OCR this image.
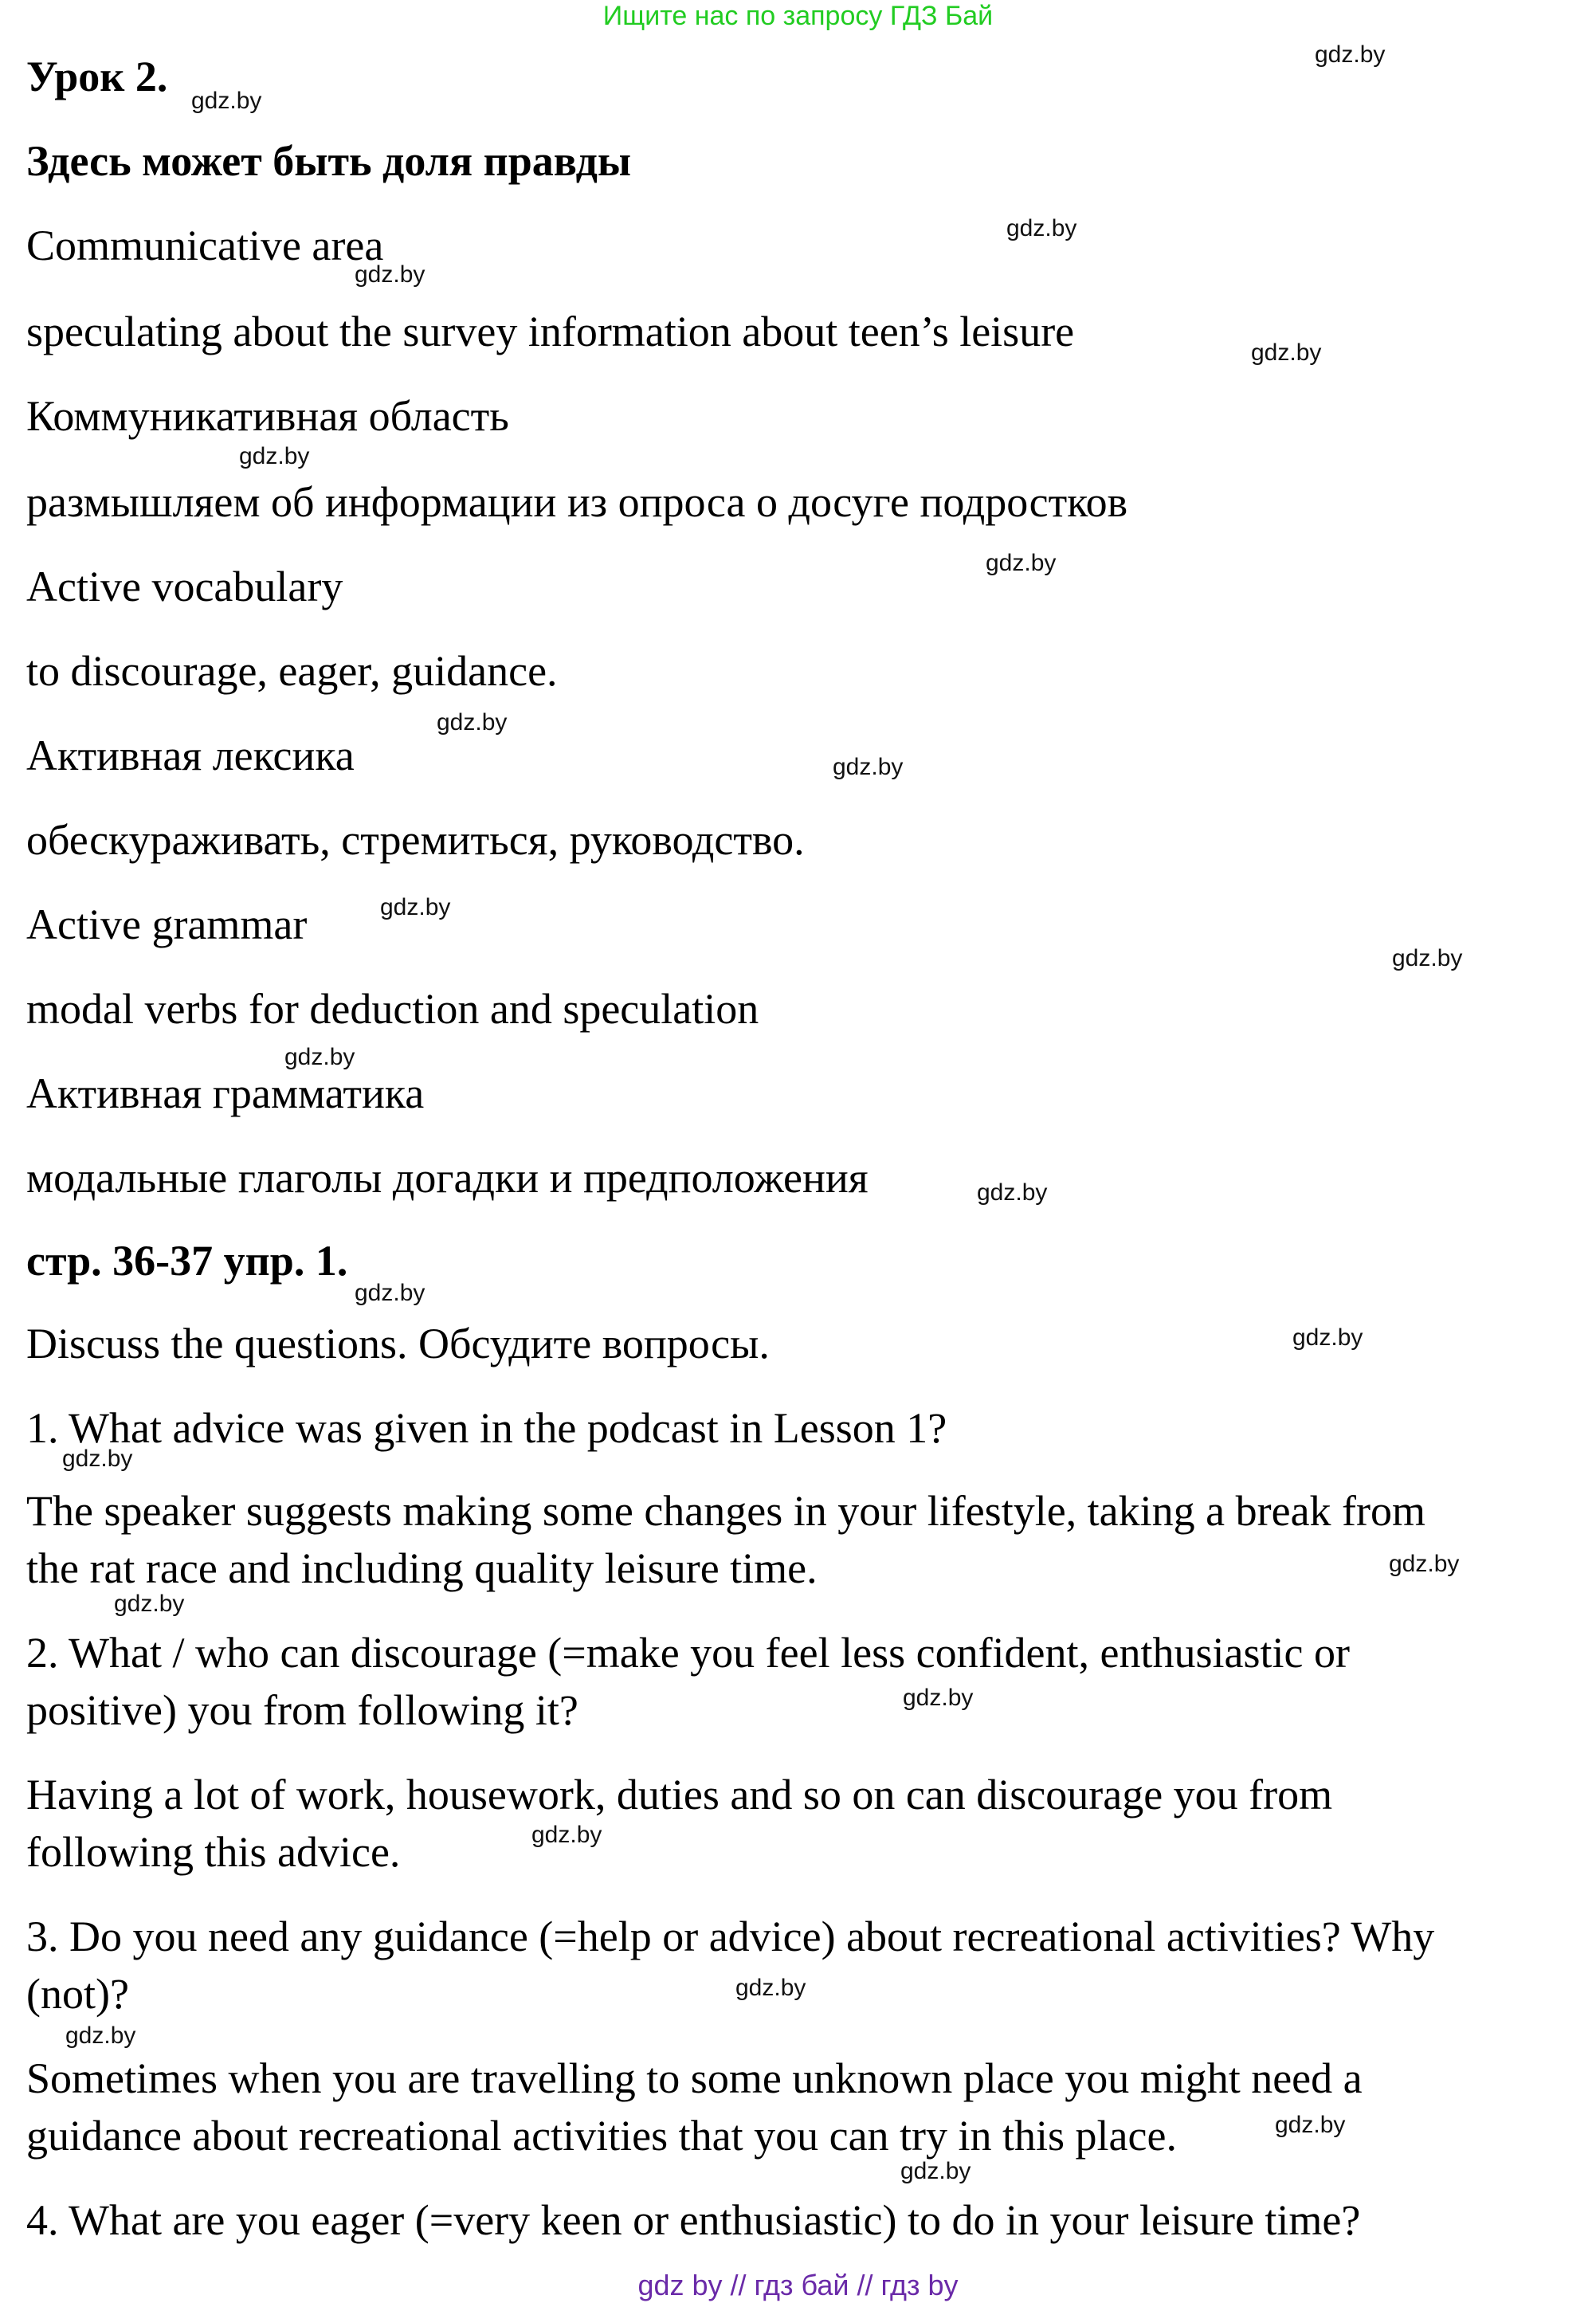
Ищите нас по запросу ГДЗ Бай
Урок 2.
Здесь может быть доля правды
Communicative area
speculating about the survey information about teen’s leisure
Коммуникативная область
размышляем об информации из опроса о досуге подростков
Active vocabulary
to discourage, eager, guidance.
Активная лексика
обескураживать, стремиться, руководство.
Active grammar
modal verbs for deduction and speculation
Активная грамматика
модальные глаголы догадки и предположения
стр. 36-37 упр. 1.
Discuss the questions. Обсудите вопросы.
1. What advice was given in the podcast in Lesson 1?
The speaker suggests making some changes in your lifestyle, taking a break from
the rat race and including quality leisure time.
2. What / who can discourage (=make you feel less confident, enthusiastic or
positive) you from following it?
Having a lot of work, housework, duties and so on can discourage you from
following this advice.
3. Do you need any guidance (=help or advice) about recreational activities? Why
(not)?
Sometimes when you are travelling to some unknown place you might need a
guidance about recreational activities that you can try in this place.
4. What are you eager (=very keen or enthusiastic) to do in your leisure time?
gdz.by
gdz.by
gdz.by
gdz.by
gdz.by
gdz.by
gdz.by
gdz.by
gdz.by
gdz.by
gdz.by
gdz.by
gdz.by
gdz.by
gdz.by
gdz.by
gdz.by
gdz.by
gdz.by
gdz.by
gdz.by
gdz.by
gdz.by
gdz.by
gdz by // гдз бай // гдз by
